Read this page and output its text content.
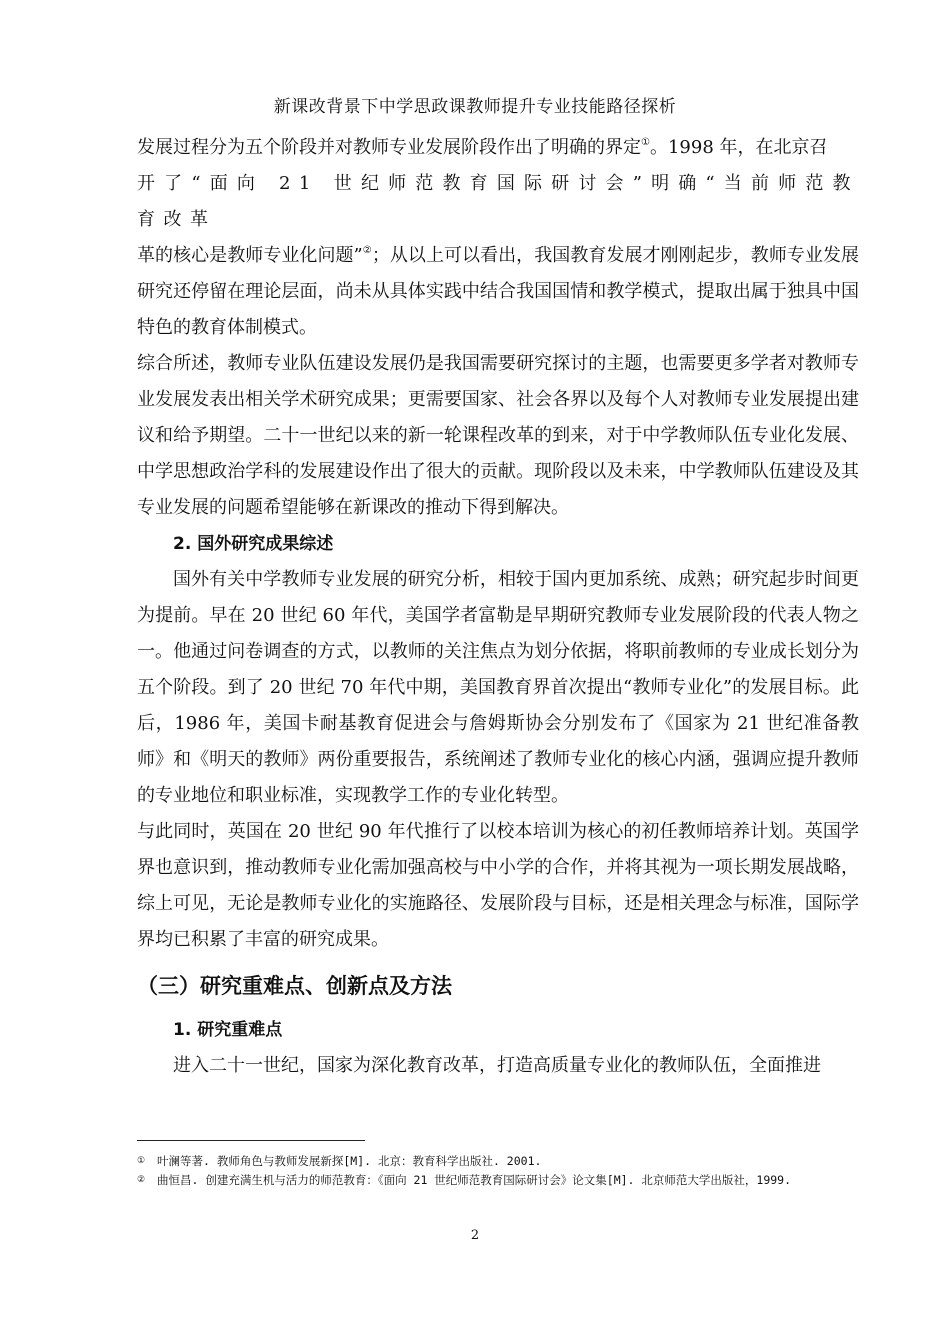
新课改背景下中学思政课教师提升专业技能路径探析

发展过程分为五个阶段并对教师专业发展阶段作出了明确的界定①。1998 年，在北京召
开了“面向 21 世纪师范教育国际研讨会”明确“当前师范教育改革
革的核心是教师专业化问题”②；从以上可以看出，我国教育发展才刚刚起步，教师专业发展研究还停留在理论层面，尚未从具体实践中结合我国国情和教学模式，提取出属于独具中国特色的教育体制模式。

综合所述，教师专业队伍建设发展仍是我国需要研究探讨的主题，也需要更多学者对教师专业发展发表出相关学术研究成果；更需要国家、社会各界以及每个人对教师专业发展提出建议和给予期望。二十一世纪以来的新一轮课程改革的到来，对于中学教师队伍专业化发展、中学思想政治学科的发展建设作出了很大的贡献。现阶段以及未来，中学教师队伍建设及其专业发展的问题希望能够在新课改的推动下得到解决。

2. 国外研究成果综述

国外有关中学教师专业发展的研究分析，相较于国内更加系统、成熟；研究起步时间更为提前。早在 20 世纪 60 年代，美国学者富勒是早期研究教师专业发展阶段的代表人物之一。他通过问卷调查的方式，以教师的关注焦点为划分依据，将职前教师的专业成长划分为五个阶段。到了 20 世纪 70 年代中期，美国教育界首次提出“教师专业化”的发展目标。此后，1986 年，美国卡耐基教育促进会与詹姆斯协会分别发布了《国家为 21 世纪准备教师》和《明天的教师》两份重要报告，系统阐述了教师专业化的核心内涵，强调应提升教师的专业地位和职业标准，实现教学工作的专业化转型。

与此同时，英国在 20 世纪 90 年代推行了以校本培训为核心的初任教师培养计划。英国学界也意识到，推动教师专业化需加强高校与中小学的合作，并将其视为一项长期发展战略，综上可见，无论是教师专业化的实施路径、发展阶段与目标，还是相关理念与标准，国际学界均已积累了丰富的研究成果。

（三）研究重难点、创新点及方法
1. 研究重难点

进入二十一世纪，国家为深化教育改革，打造高质量专业化的教师队伍，全面推进

① 叶澜等著. 教师角色与教师发展新探[M]. 北京：教育科学出版社. 2001.
② 曲恒昌. 创建充满生机与活力的师范教育：《面向 21 世纪师范教育国际研讨会》论文集[M]. 北京师范大学出版社，1999.
2
